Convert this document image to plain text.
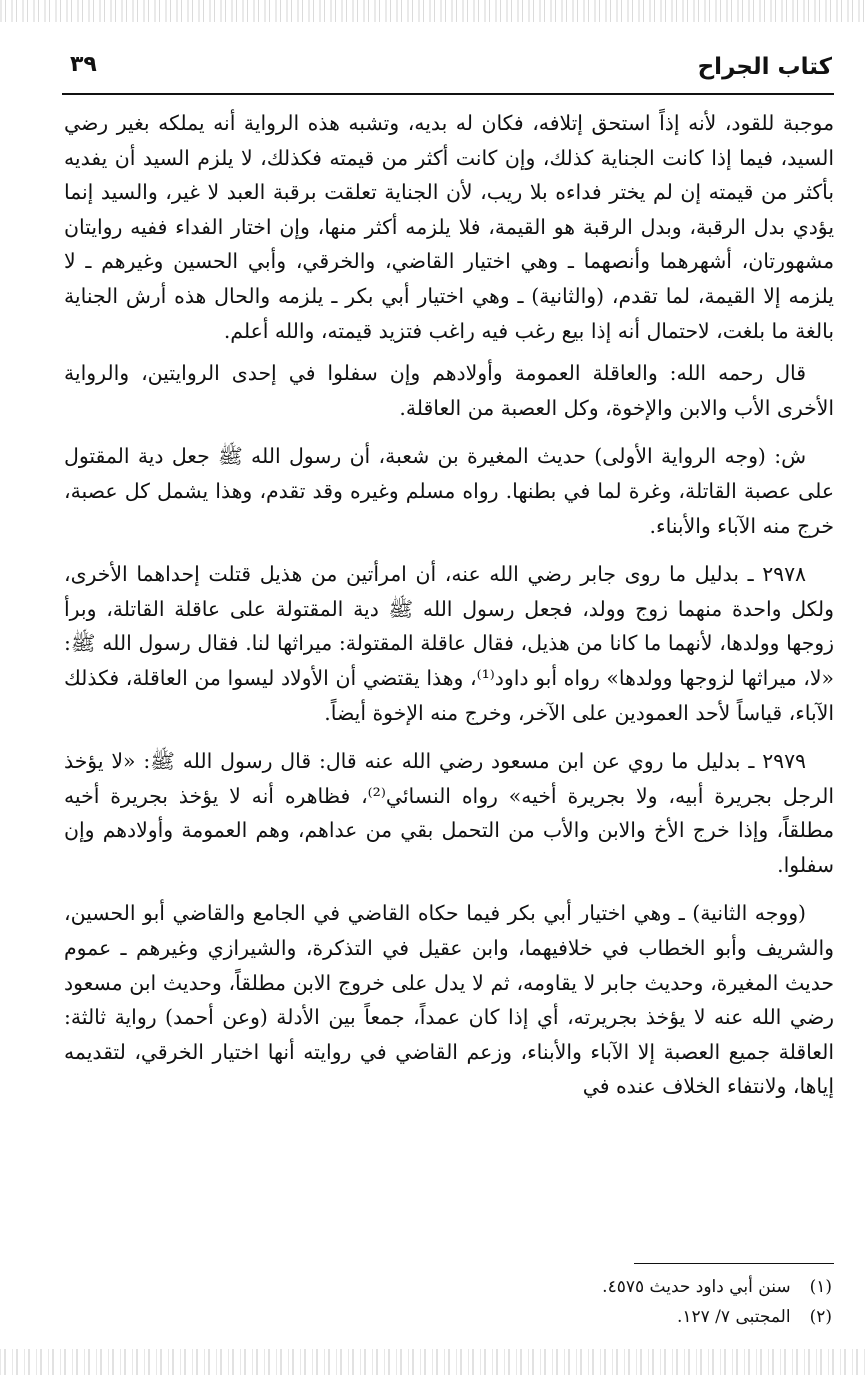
كتاب الجراح
٣٩

موجبة للقود، لأنه إذاً استحق إتلافه، فكان له بديه، وتشبه هذه الرواية أنه يملكه بغير رضي السيد، فيما إذا كانت الجناية كذلك، وإن كانت أكثر من قيمته فكذلك، لا يلزم السيد أن يفديه بأكثر من قيمته إن لم يختر فداءه بلا ريب، لأن الجناية تعلقت برقبة العبد لا غير، والسيد إنما يؤدي بدل الرقبة، وبدل الرقبة هو القيمة، فلا يلزمه أكثر منها، وإن اختار الفداء ففيه روايتان مشهورتان، أشهرهما وأنصهما ـ وهي اختيار القاضي، والخرقي، وأبي الحسين وغيرهم ـ لا يلزمه إلا القيمة، لما تقدم، (والثانية) ـ وهي اختيار أبي بكر ـ يلزمه والحال هذه أرش الجناية بالغة ما بلغت، لاحتمال أنه إذا بيع رغب فيه راغب فتزيد قيمته، والله أعلم.

قال رحمه الله: والعاقلة العمومة وأولادهم وإن سفلوا في إحدى الروايتين، والرواية الأخرى الأب والابن والإخوة، وكل العصبة من العاقلة.

ش: (وجه الرواية الأولى) حديث المغيرة بن شعبة، أن رسول الله ﷺ جعل دية المقتول على عصبة القاتلة، وغرة لما في بطنها. رواه مسلم وغيره وقد تقدم، وهذا يشمل كل عصبة، خرج منه الآباء والأبناء.

٢٩٧٨ ـ بدليل ما روى جابر رضي الله عنه، أن امرأتين من هذيل قتلت إحداهما الأخرى، ولكل واحدة منهما زوج وولد، فجعل رسول الله ﷺ دية المقتولة على عاقلة القاتلة، وبرأ زوجها وولدها، لأنهما ما كانا من هذيل، فقال عاقلة المقتولة: ميراثها لنا. فقال رسول الله ﷺ: «لا، ميراثها لزوجها وولدها» رواه أبو داود⁽¹⁾، وهذا يقتضي أن الأولاد ليسوا من العاقلة، فكذلك الآباء، قياساً لأحد العمودين على الآخر، وخرج منه الإخوة أيضاً.

٢٩٧٩ ـ بدليل ما روي عن ابن مسعود رضي الله عنه قال: قال رسول الله ﷺ: «لا يؤخذ الرجل بجريرة أبيه، ولا بجريرة أخيه» رواه النسائي⁽²⁾، فظاهره أنه لا يؤخذ بجريرة أخيه مطلقاً، وإذا خرج الأخ والابن والأب من التحمل بقي من عداهم، وهم العمومة وأولادهم وإن سفلوا.

(ووجه الثانية) ـ وهي اختيار أبي بكر فيما حكاه القاضي في الجامع والقاضي أبو الحسين، والشريف وأبو الخطاب في خلافيهما، وابن عقيل في التذكرة، والشيرازي وغيرهم ـ عموم حديث المغيرة، وحديث جابر لا يقاومه، ثم لا يدل على خروج الابن مطلقاً، وحديث ابن مسعود رضي الله عنه لا يؤخذ بجريرته، أي إذا كان عمداً، جمعاً بين الأدلة (وعن أحمد) رواية ثالثة: العاقلة جميع العصبة إلا الآباء والأبناء، وزعم القاضي في روايته أنها اختيار الخرقي، لتقديمه إياها، ولانتفاء الخلاف عنده في

(١) سنن أبي داود حديث ٤٥٧٥.

(٢) المجتبى ٧/ ١٢٧.
